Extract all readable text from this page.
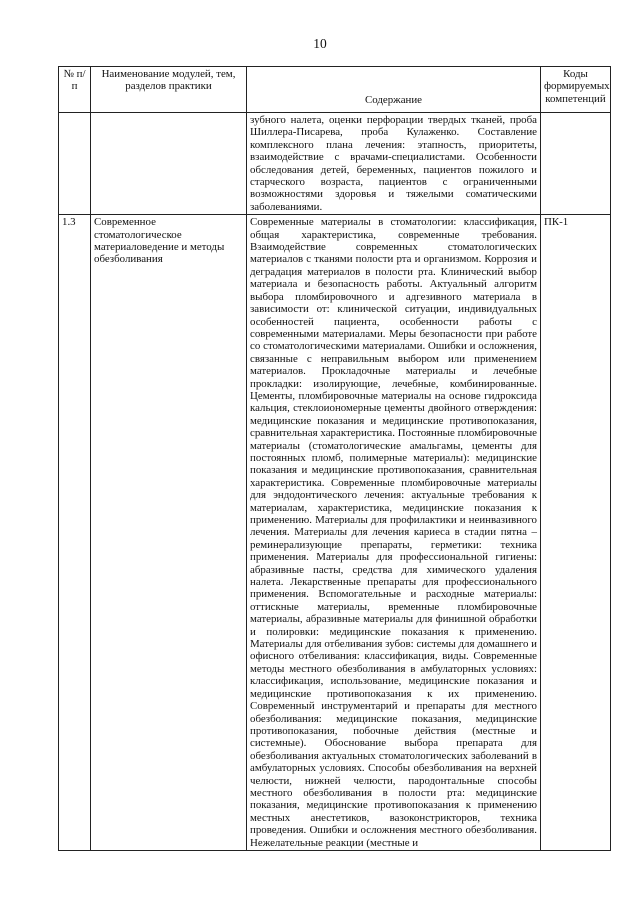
10
№ п/п	Наименование модулей, тем, разделов практики	Содержание	Коды формируемых компетенций
		зубного налета, оценки перфорации твердых тканей, проба Шиллера-Писарева, проба Кулаженко. Составление комплексного плана лечения: этапность, приоритеты, взаимодействие с врачами-специалистами. Особенности обследования детей, беременных, пациентов пожилого и старческого возраста, пациентов с ограниченными возможностями здоровья и тяжелыми соматическими заболеваниями.	
1.3	Современное стоматологическое материаловедение и методы обезболивания	Современные материалы в стоматологии: классификация, общая характеристика, современные требования. Взаимодействие современных стоматологических материалов с тканями полости рта и организмом. Коррозия и деградация материалов в полости рта. Клинический выбор материала и безопасность работы. Актуальный алгоритм выбора пломбировочного и адгезивного материала в зависимости от: клинической ситуации, индивидуальных особенностей пациента, особенности работы с современными материалами. Меры безопасности при работе со стоматологическими материалами. Ошибки и осложнения, связанные с неправильным выбором или применением материалов. Прокладочные материалы и лечебные прокладки: изолирующие, лечебные, комбинированные. Цементы, пломбировочные материалы на основе гидроксида кальция, стеклоиономерные цементы двойного отверждения: медицинские показания и медицинские противопоказания, сравнительная характеристика. Постоянные пломбировочные материалы (стоматологические амальгамы, цементы для постоянных пломб, полимерные материалы): медицинские показания и медицинские противопоказания, сравнительная характеристика. Современные пломбировочные материалы для эндодонтического лечения: актуальные требования к материалам, характеристика, медицинские показания к применению. Материалы для профилактики и неинвазивного лечения. Материалы для лечения кариеса в стадии пятна – реминерализующие препараты, герметики: техника применения. Материалы для профессиональной гигиены: абразивные пасты, средства для химического удаления налета. Лекарственные препараты для профессионального применения. Вспомогательные и расходные материалы: оттискные материалы, временные пломбировочные материалы, абразивные материалы для финишной обработки и полировки: медицинские показания к применению. Материалы для отбеливания зубов: системы для домашнего и офисного отбеливания: классификация, виды. Современные методы местного обезболивания в амбулаторных условиях: классификация, использование, медицинские показания и медицинские противопоказания к их применению. Современный инструментарий и препараты для местного обезболивания: медицинские показания, медицинские противопоказания, побочные действия (местные и системные). Обоснование выбора препарата для обезболивания актуальных стоматологических заболеваний в амбулаторных условиях. Способы обезболивания на верхней челюсти, нижней челюсти, пародонтальные способы местного обезболивания в полости рта: медицинские показания, медицинские противопоказания к применению местных анестетиков, вазоконстрикторов, техника проведения. Ошибки и осложнения местного обезболивания. Нежелательные реакции (местные и	ПК-1
